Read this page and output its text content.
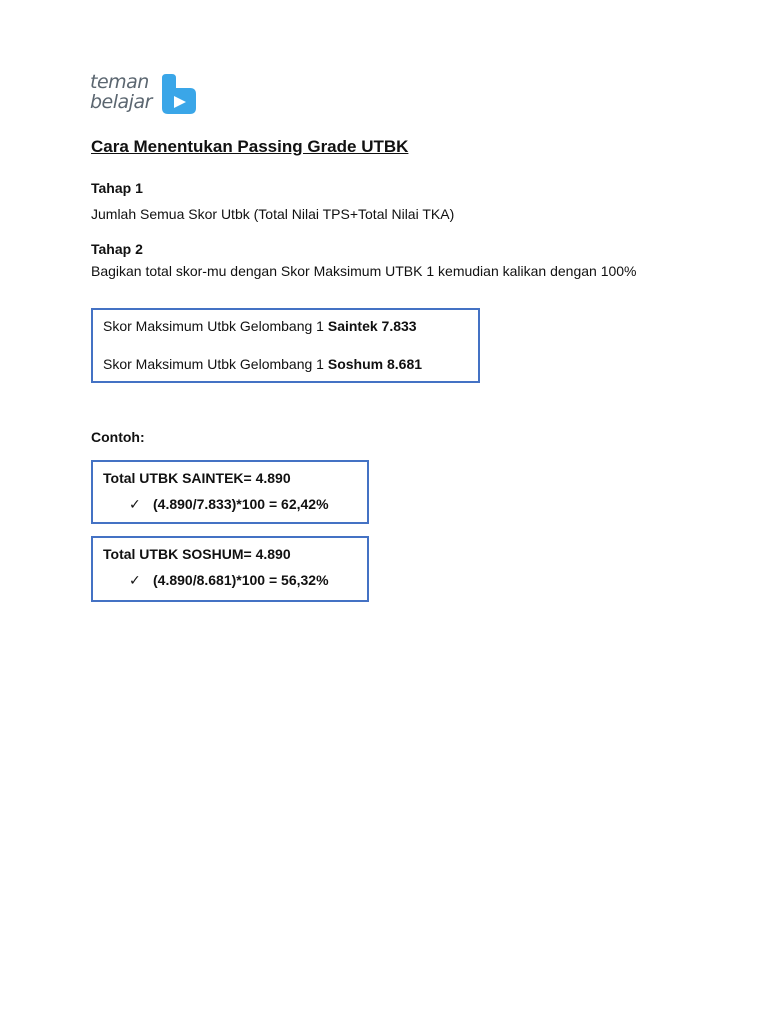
teman
belajar
Cara Menentukan Passing Grade UTBK

Tahap 1

Jumlah Semua Skor Utbk (Total Nilai TPS+Total Nilai TKA)

Tahap 2

Bagikan total skor-mu dengan Skor Maksimum UTBK 1 kemudian kalikan dengan 100%

Skor Maksimum Utbk Gelombang 1 Saintek 7.833
Skor Maksimum Utbk Gelombang 1 Soshum 8.681

Contoh:

Total UTBK SAINTEK= 4.890
✓ (4.890/7.833)*100 = 62,42%
Total UTBK SOSHUM= 4.890
✓ (4.890/8.681)*100 = 56,32%
